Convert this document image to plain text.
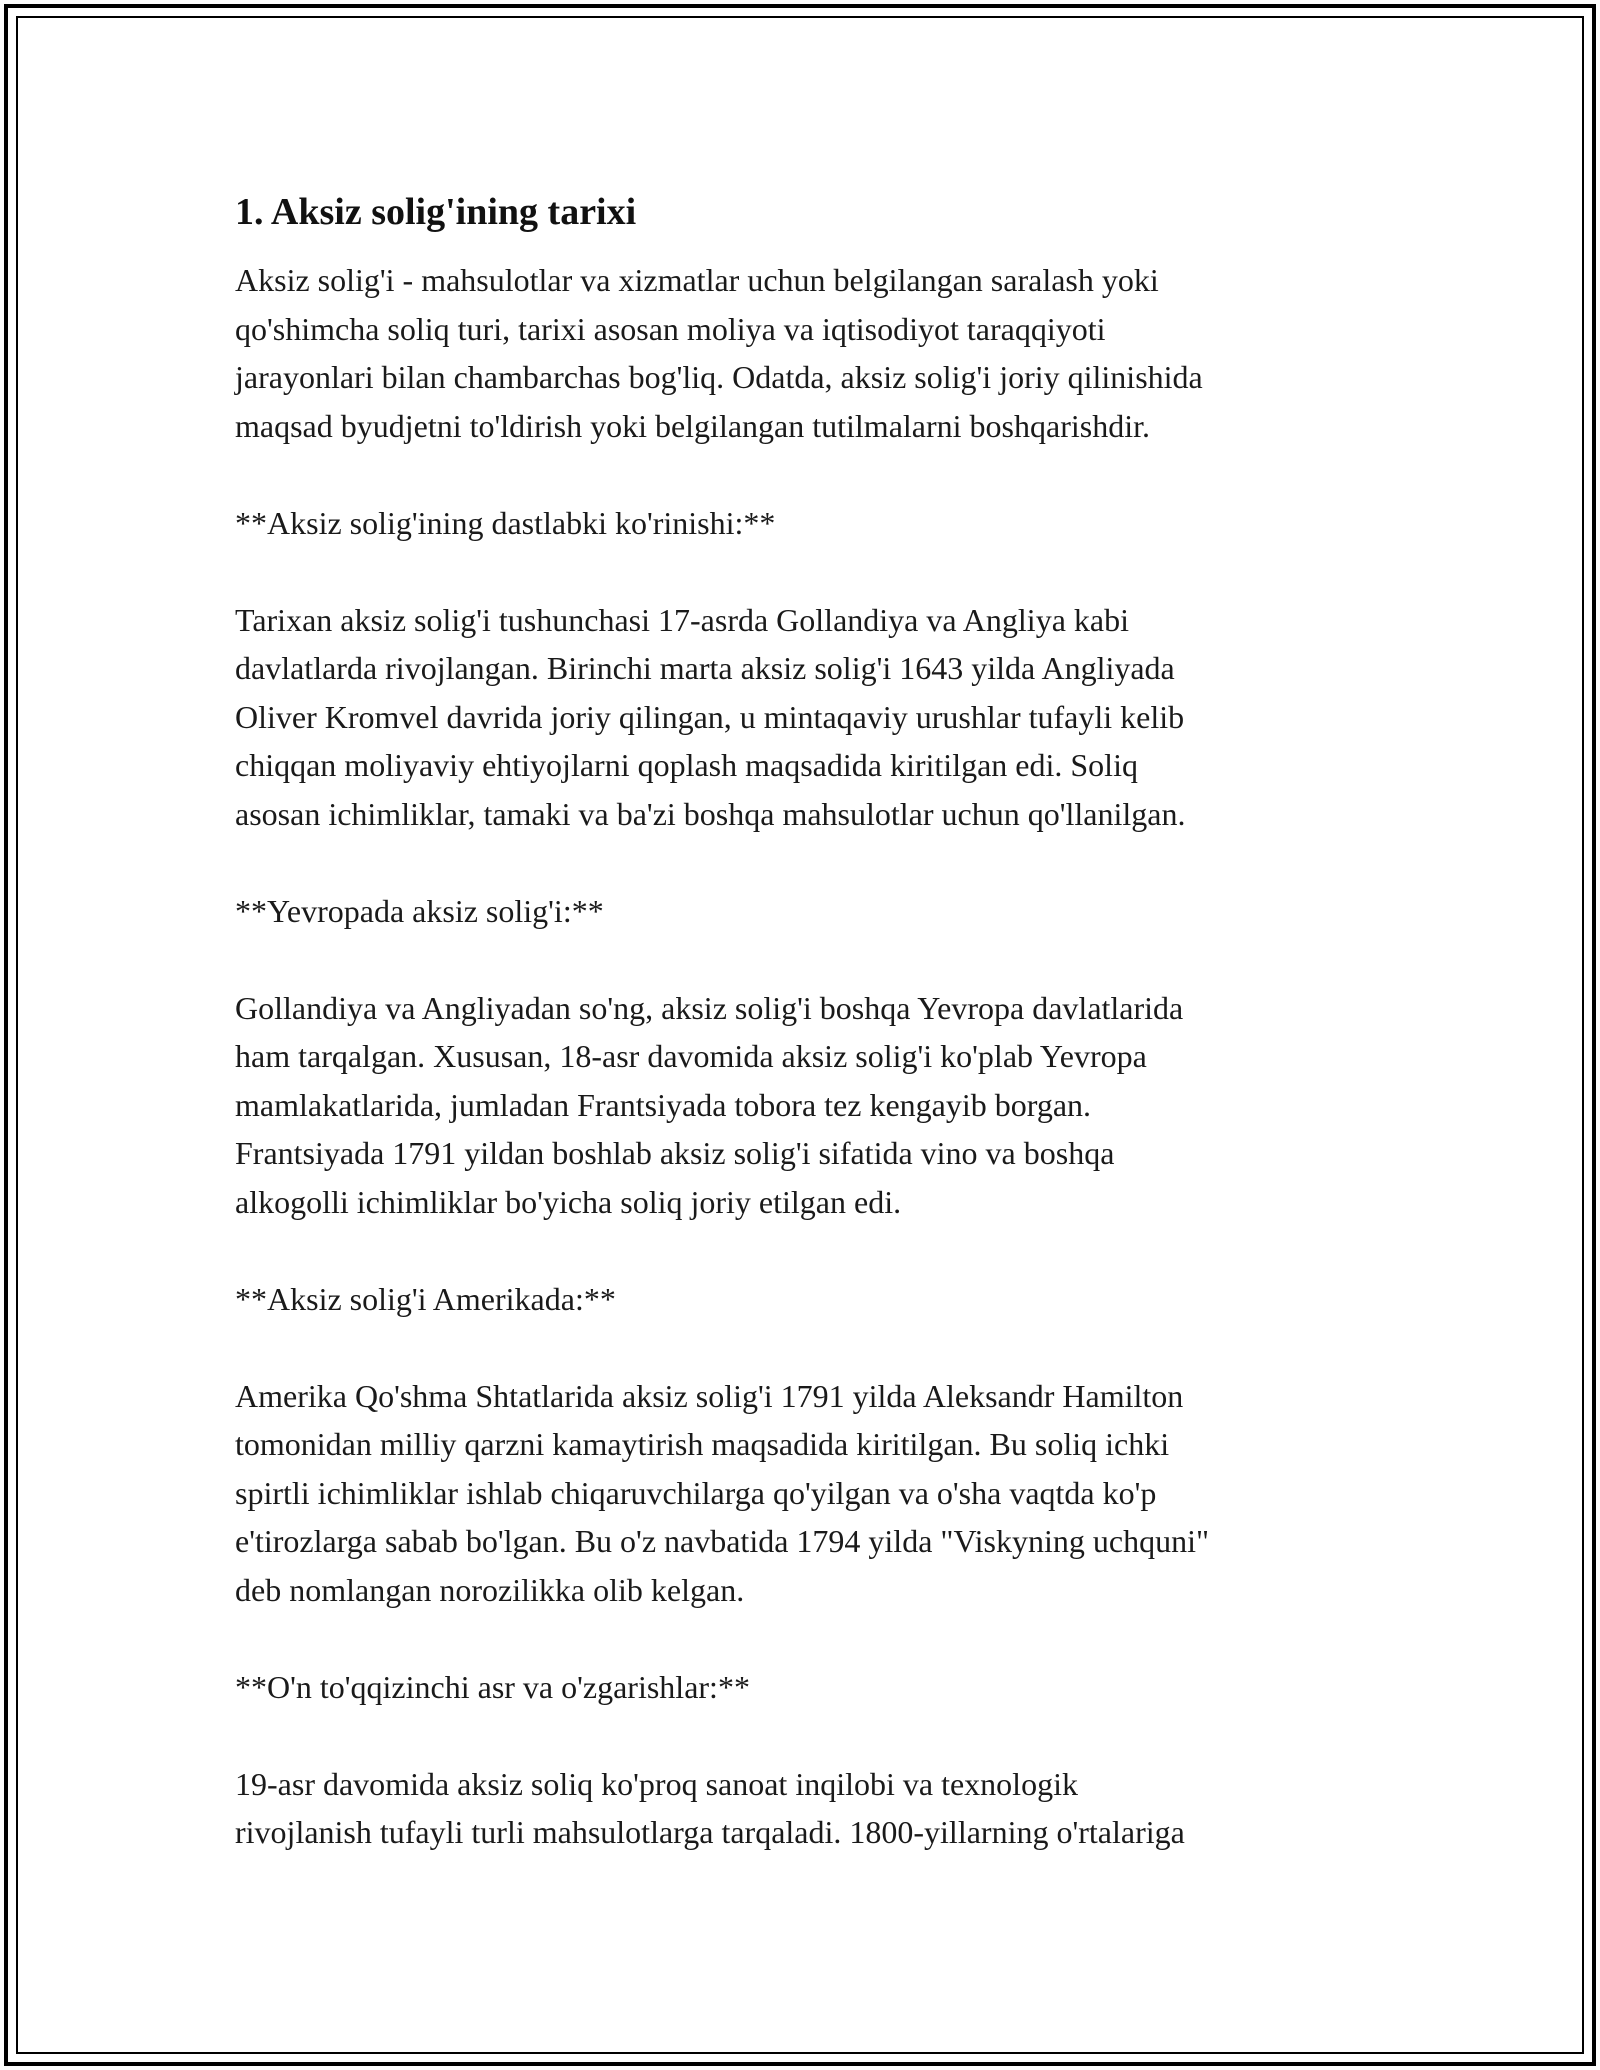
1. Aksiz solig'ining tarixi

Aksiz solig'i - mahsulotlar va xizmatlar uchun belgilangan saralash yoki
qo'shimcha soliq turi, tarixi asosan moliya va iqtisodiyot taraqqiyoti
jarayonlari bilan chambarchas bog'liq. Odatda, aksiz solig'i joriy qilinishida
maqsad byudjetni to'ldirish yoki belgilangan tutilmalarni boshqarishdir.

**Aksiz solig'ining dastlabki ko'rinishi:**

Tarixan aksiz solig'i tushunchasi 17-asrda Gollandiya va Angliya kabi
davlatlarda rivojlangan. Birinchi marta aksiz solig'i 1643 yilda Angliyada
Oliver Kromvel davrida joriy qilingan, u mintaqaviy urushlar tufayli kelib
chiqqan moliyaviy ehtiyojlarni qoplash maqsadida kiritilgan edi. Soliq
asosan ichimliklar, tamaki va ba'zi boshqa mahsulotlar uchun qo'llanilgan.

**Yevropada aksiz solig'i:**

Gollandiya va Angliyadan so'ng, aksiz solig'i boshqa Yevropa davlatlarida
ham tarqalgan. Xususan, 18-asr davomida aksiz solig'i ko'plab Yevropa
mamlakatlarida, jumladan Frantsiyada tobora tez kengayib borgan.
Frantsiyada 1791 yildan boshlab aksiz solig'i sifatida vino va boshqa
alkogolli ichimliklar bo'yicha soliq joriy etilgan edi.

**Aksiz solig'i Amerikada:**

Amerika Qo'shma Shtatlarida aksiz solig'i 1791 yilda Aleksandr Hamilton
tomonidan milliy qarzni kamaytirish maqsadida kiritilgan. Bu soliq ichki
spirtli ichimliklar ishlab chiqaruvchilarga qo'yilgan va o'sha vaqtda ko'p
e'tirozlarga sabab bo'lgan. Bu o'z navbatida 1794 yilda "Viskyning uchquni"
deb nomlangan norozilikka olib kelgan.

**O'n to'qqizinchi asr va o'zgarishlar:**

19-asr davomida aksiz soliq ko'proq sanoat inqilobi va texnologik
rivojlanish tufayli turli mahsulotlarga tarqaladi. 1800-yillarning o'rtalariga
